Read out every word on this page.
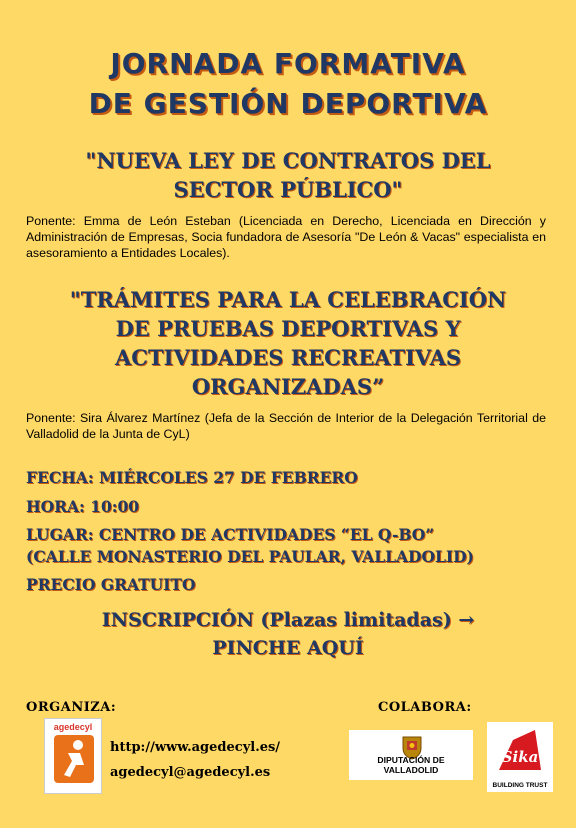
JORNADA FORMATIVA
DE GESTIÓN DEPORTIVA
"NUEVA LEY DE CONTRATOS DEL
SECTOR PÚBLICO"
Ponente: Emma de León Esteban (Licenciada en Derecho, Licenciada en Dirección y Administración de Empresas, Socia fundadora de Asesoría "De León & Vacas" especialista en asesoramiento a Entidades Locales).
"TRÁMITES PARA LA CELEBRACIÓN
DE PRUEBAS DEPORTIVAS Y
ACTIVIDADES RECREATIVAS
ORGANIZADAS”
Ponente: Sira Álvarez Martínez (Jefa de la Sección de Interior de la Delegación Territorial de Valladolid de la Junta de CyL)
FECHA: MIÉRCOLES 27 DE FEBRERO
HORA: 10:00
LUGAR: CENTRO DE ACTIVIDADES “EL Q-BO”
(CALLE MONASTERIO DEL PAULAR, VALLADOLID)
PRECIO GRATUITO
INSCRIPCIÓN (Plazas limitadas) →
PINCHE AQUÍ
ORGANIZA:	COLABORA:
agedecyl
http://www.agedecyl.es/
agedecyl@agedecyl.es
DIPUTACIÓN DE VALLADOLID
Sika
BUILDING TRUST
